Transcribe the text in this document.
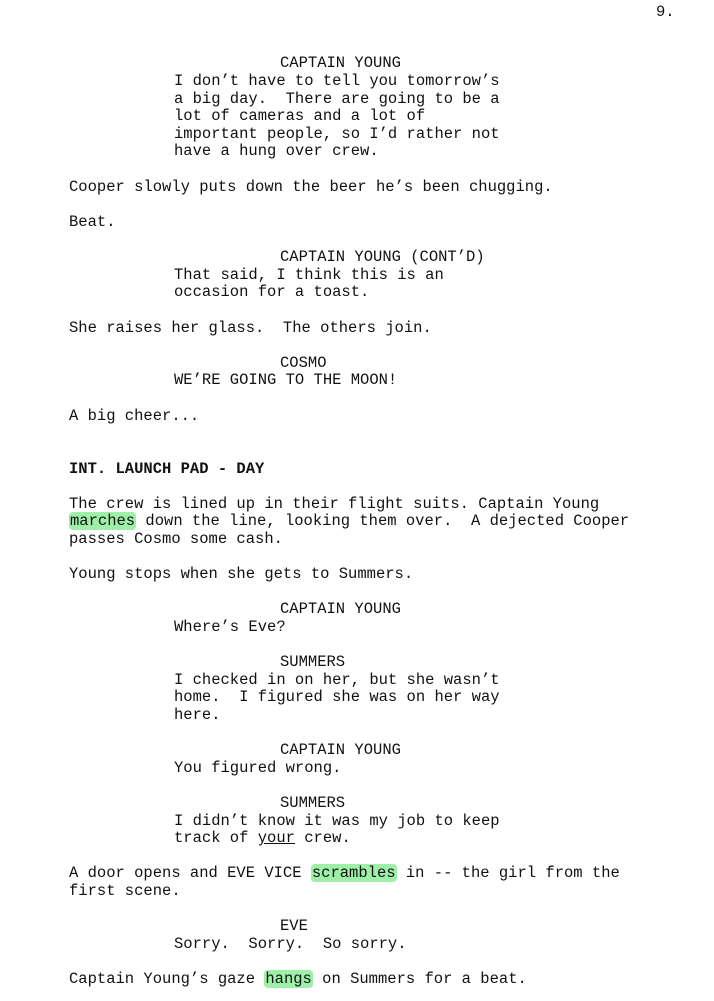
9.
CAPTAIN YOUNG
I don’t have to tell you tomorrow’s
a big day.  There are going to be a
lot of cameras and a lot of
important people, so I’d rather not
have a hung over crew.
Cooper slowly puts down the beer he’s been chugging.
Beat.
CAPTAIN YOUNG (CONT’D)
That said, I think this is an
occasion for a toast.
She raises her glass.  The others join.
COSMO
WE’RE GOING TO THE MOON!
A big cheer...
INT. LAUNCH PAD - DAY
The crew is lined up in their flight suits. Captain Young
marches down the line, looking them over.  A dejected Cooper
passes Cosmo some cash.
Young stops when she gets to Summers.
CAPTAIN YOUNG
Where’s Eve?
SUMMERS
I checked in on her, but she wasn’t
home.  I figured she was on her way
here.
CAPTAIN YOUNG
You figured wrong.
SUMMERS
I didn’t know it was my job to keep
track of your crew.
A door opens and EVE VICE scrambles in -- the girl from the
first scene.
EVE
Sorry.  Sorry.  So sorry.
Captain Young’s gaze hangs on Summers for a beat.
